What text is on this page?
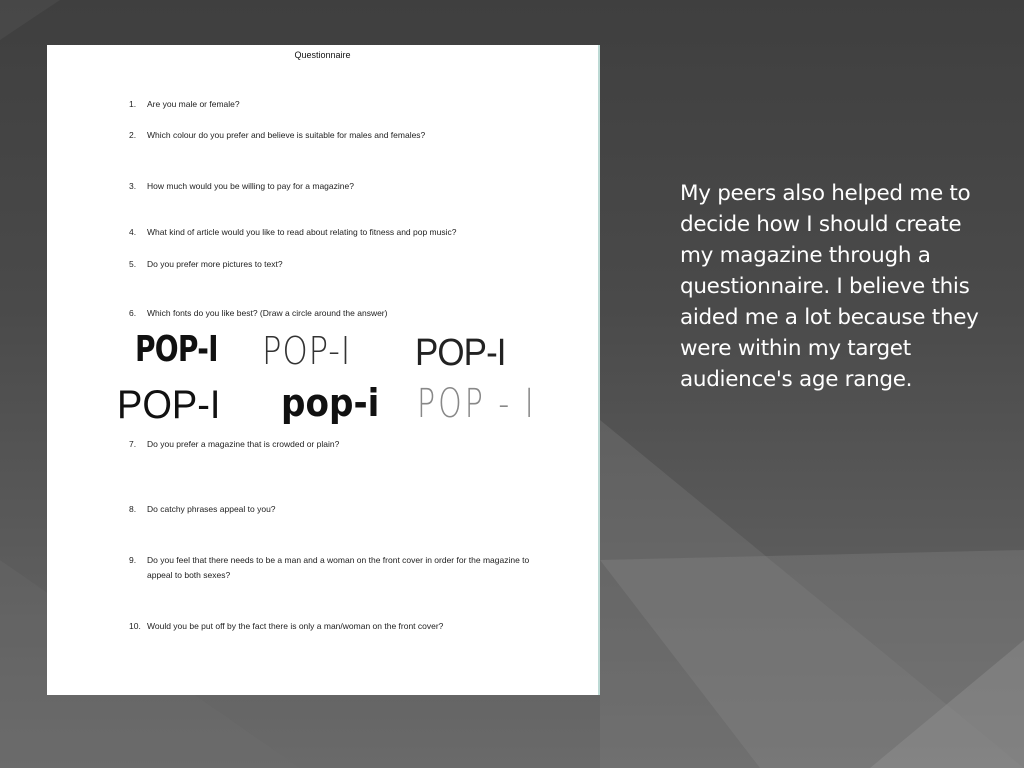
Questionnaire
1. Are you male or female?
2. Which colour do you prefer and believe is suitable for males and females?
3. How much would you be willing to pay for a magazine?
4. What kind of article would you like to read about relating to fitness and pop music?
5. Do you prefer more pictures to text?
6. Which fonts do you like best? (Draw a circle around the answer)
POP-I POP-I POP-I
POP-I pop-i POP - I
7. Do you prefer a magazine that is crowded or plain?
8. Do catchy phrases appeal to you?
9. Do you feel that there needs to be a man and a woman on the front cover in order for the magazine to appeal to both sexes?
10. Would you be put off by the fact there is only a man/woman on the front cover?
My peers also helped me to decide how I should create my magazine through a questionnaire. I believe this aided me a lot because they were within my target audience's age range.
